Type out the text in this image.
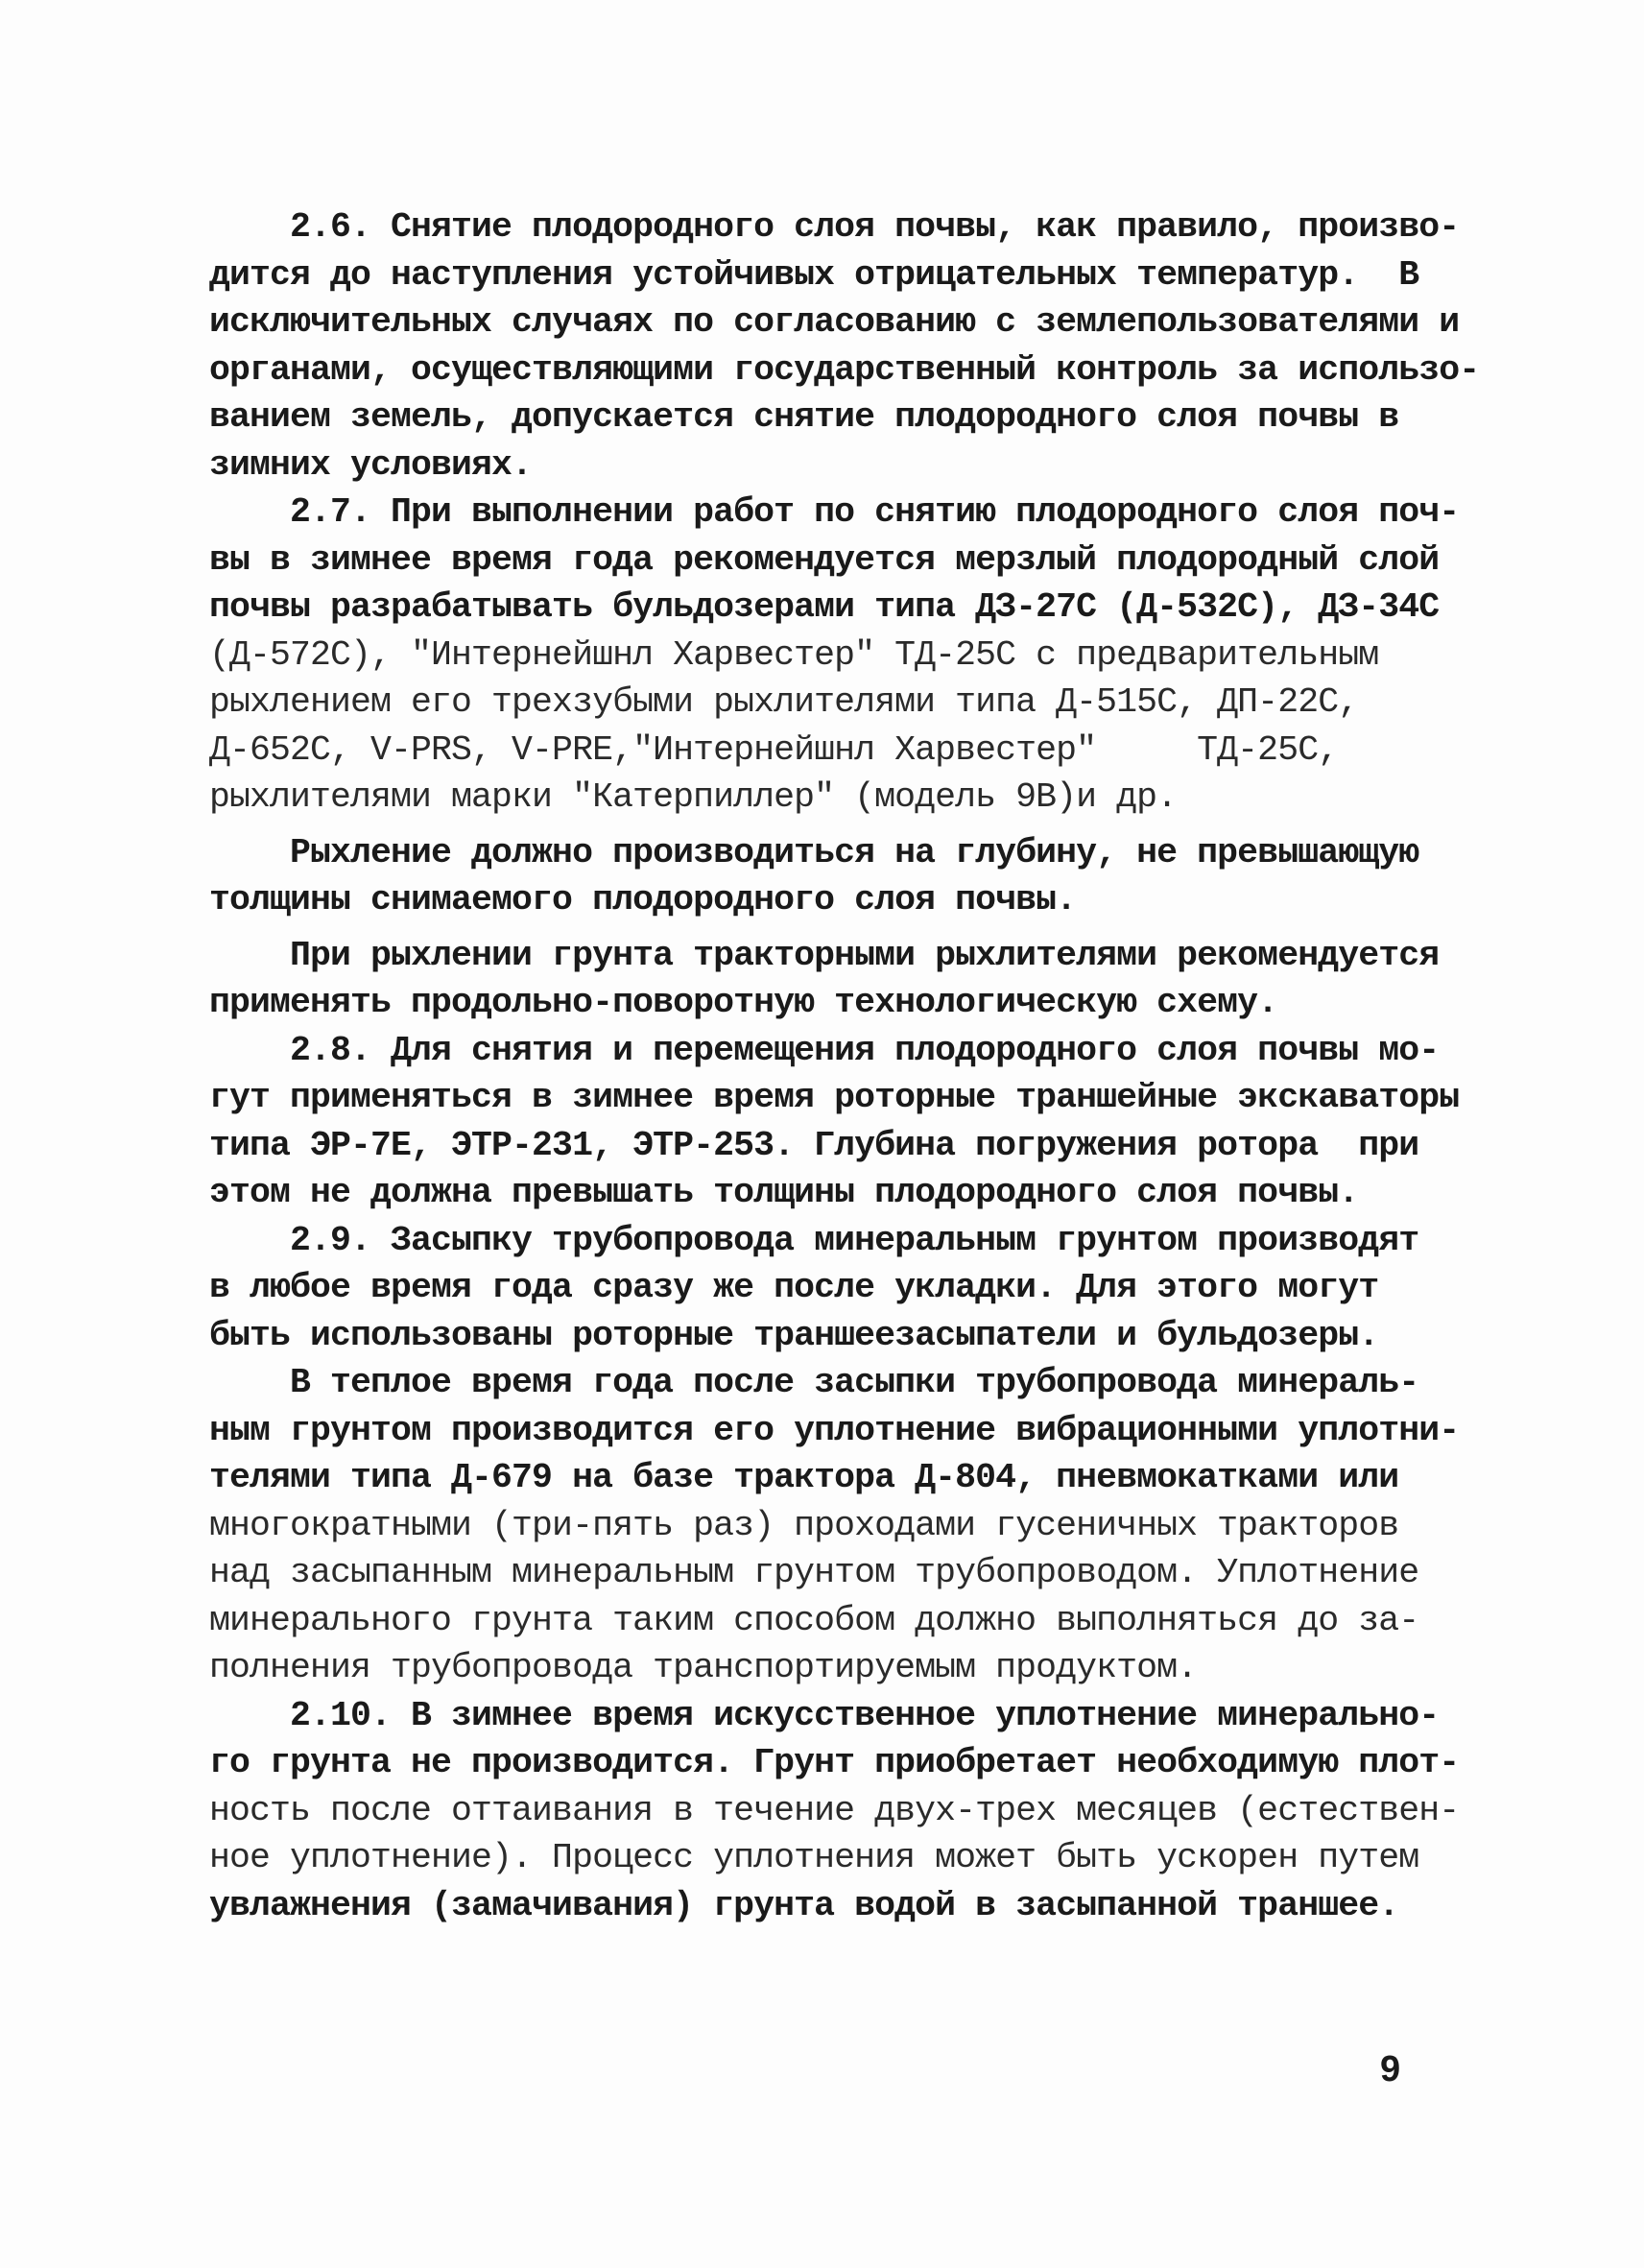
2.6. Снятие плодородного слоя почвы, как правило, произво-
дится до наступления устойчивых отрицательных температур.  В
исключительных случаях по согласованию с землепользователями и
органами, осуществляющими государственный контроль за использо-
ванием земель, допускается снятие плодородного слоя почвы в
зимних условиях.
2.7. При выполнении работ по снятию плодородного слоя поч-
вы в зимнее время года рекомендуется мерзлый плодородный слой
почвы разрабатывать бульдозерами типа ДЗ-27С (Д-532С), ДЗ-34С
(Д-572С), "Интернейшнл Харвестер" ТД-25С с предварительным
рыхлением его трехзубыми рыхлителями типа Д-515С, ДП-22С,
Д-652С, V-PRS, V-PRE,"Интернейшнл Харвестер"     ТД-25С,
рыхлителями марки "Катерпиллер" (модель 9В)и др.
Рыхление должно производиться на глубину, не превышающую
толщины снимаемого плодородного слоя почвы.
При рыхлении грунта тракторными рыхлителями рекомендуется
применять продольно-поворотную технологическую схему.
2.8. Для снятия и перемещения плодородного слоя почвы мо-
гут применяться в зимнее время роторные траншейные экскаваторы
типа ЭР-7Е, ЭТР-231, ЭТР-253. Глубина погружения ротора  при
этом не должна превышать толщины плодородного слоя почвы.
2.9. Засыпку трубопровода минеральным грунтом производят
в любое время года сразу же после укладки. Для этого могут
быть использованы роторные траншеезасыпатели и бульдозеры.
В теплое время года после засыпки трубопровода минераль-
ным грунтом производится его уплотнение вибрационными уплотни-
телями типа Д-679 на базе трактора Д-804, пневмокатками или
многократными (три-пять раз) проходами гусеничных тракторов
над засыпанным минеральным грунтом трубопроводом. Уплотнение
минерального грунта таким способом должно выполняться до за-
полнения трубопровода транспортируемым продуктом.
2.10. В зимнее время искусственное уплотнение минерально-
го грунта не производится. Грунт приобретает необходимую плот-
ность после оттаивания в течение двух-трех месяцев (естествен-
ное уплотнение). Процесс уплотнения может быть ускорен путем
увлажнения (замачивания) грунта водой в засыпанной траншее.
9
